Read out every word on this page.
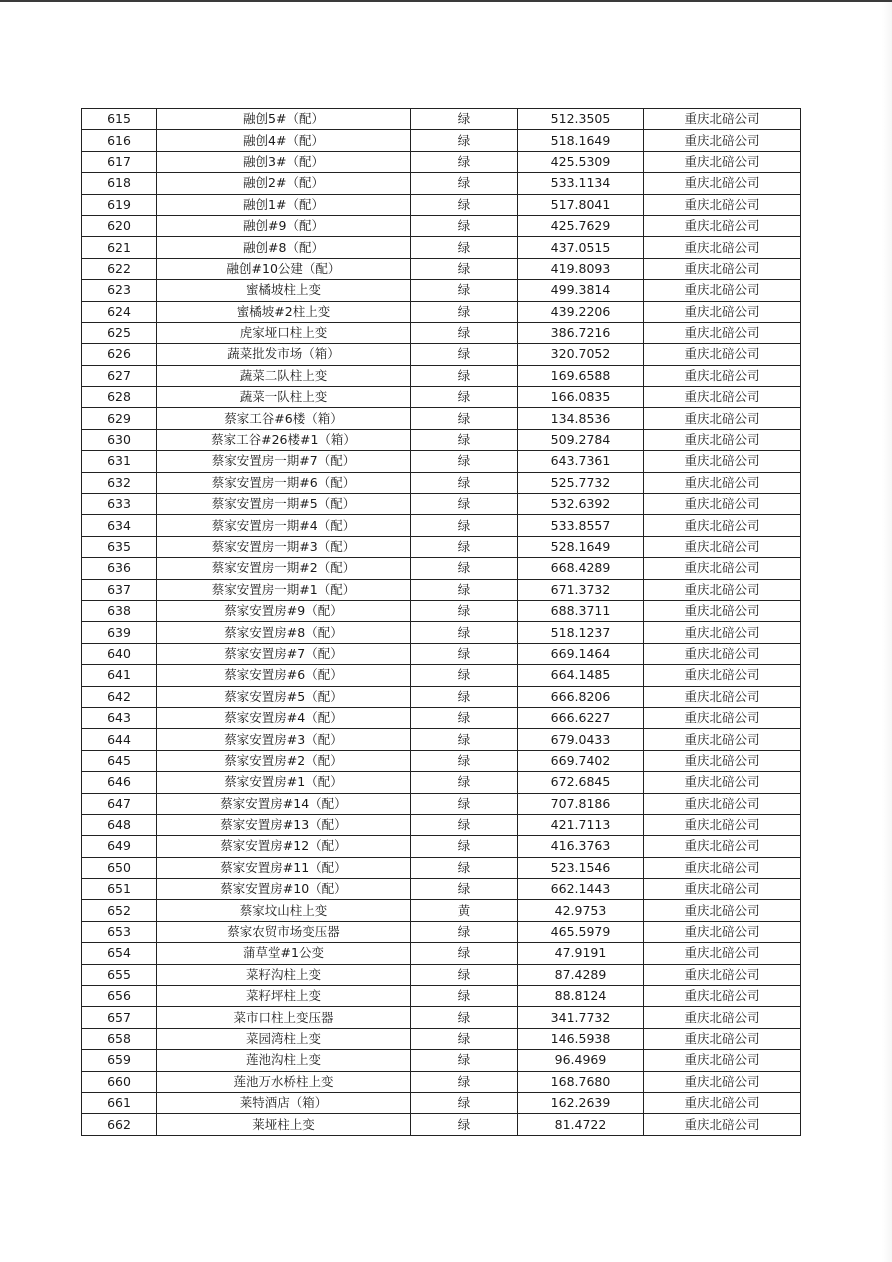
615	融创5#（配）	绿	512.3505	重庆北碚公司
616	融创4#（配）	绿	518.1649	重庆北碚公司
617	融创3#（配）	绿	425.5309	重庆北碚公司
618	融创2#（配）	绿	533.1134	重庆北碚公司
619	融创1#（配）	绿	517.8041	重庆北碚公司
620	融创#9（配）	绿	425.7629	重庆北碚公司
621	融创#8（配）	绿	437.0515	重庆北碚公司
622	融创#10公建（配）	绿	419.8093	重庆北碚公司
623	蜜橘坡柱上变	绿	499.3814	重庆北碚公司
624	蜜橘坡#2柱上变	绿	439.2206	重庆北碚公司
625	虎家垭口柱上变	绿	386.7216	重庆北碚公司
626	蔬菜批发市场（箱）	绿	320.7052	重庆北碚公司
627	蔬菜二队柱上变	绿	169.6588	重庆北碚公司
628	蔬菜一队柱上变	绿	166.0835	重庆北碚公司
629	蔡家工谷#6楼（箱）	绿	134.8536	重庆北碚公司
630	蔡家工谷#26楼#1（箱）	绿	509.2784	重庆北碚公司
631	蔡家安置房一期#7（配）	绿	643.7361	重庆北碚公司
632	蔡家安置房一期#6（配）	绿	525.7732	重庆北碚公司
633	蔡家安置房一期#5（配）	绿	532.6392	重庆北碚公司
634	蔡家安置房一期#4（配）	绿	533.8557	重庆北碚公司
635	蔡家安置房一期#3（配）	绿	528.1649	重庆北碚公司
636	蔡家安置房一期#2（配）	绿	668.4289	重庆北碚公司
637	蔡家安置房一期#1（配）	绿	671.3732	重庆北碚公司
638	蔡家安置房#9（配）	绿	688.3711	重庆北碚公司
639	蔡家安置房#8（配）	绿	518.1237	重庆北碚公司
640	蔡家安置房#7（配）	绿	669.1464	重庆北碚公司
641	蔡家安置房#6（配）	绿	664.1485	重庆北碚公司
642	蔡家安置房#5（配）	绿	666.8206	重庆北碚公司
643	蔡家安置房#4（配）	绿	666.6227	重庆北碚公司
644	蔡家安置房#3（配）	绿	679.0433	重庆北碚公司
645	蔡家安置房#2（配）	绿	669.7402	重庆北碚公司
646	蔡家安置房#1（配）	绿	672.6845	重庆北碚公司
647	蔡家安置房#14（配）	绿	707.8186	重庆北碚公司
648	蔡家安置房#13（配）	绿	421.7113	重庆北碚公司
649	蔡家安置房#12（配）	绿	416.3763	重庆北碚公司
650	蔡家安置房#11（配）	绿	523.1546	重庆北碚公司
651	蔡家安置房#10（配）	绿	662.1443	重庆北碚公司
652	蔡家坟山柱上变	黄	42.9753	重庆北碚公司
653	蔡家农贸市场变压器	绿	465.5979	重庆北碚公司
654	蒲草堂#1公变	绿	47.9191	重庆北碚公司
655	菜籽沟柱上变	绿	87.4289	重庆北碚公司
656	菜籽坪柱上变	绿	88.8124	重庆北碚公司
657	菜市口柱上变压器	绿	341.7732	重庆北碚公司
658	菜园湾柱上变	绿	146.5938	重庆北碚公司
659	莲池沟柱上变	绿	96.4969	重庆北碚公司
660	莲池万水桥柱上变	绿	168.7680	重庆北碚公司
661	莱特酒店（箱）	绿	162.2639	重庆北碚公司
662	莱垭柱上变	绿	81.4722	重庆北碚公司
